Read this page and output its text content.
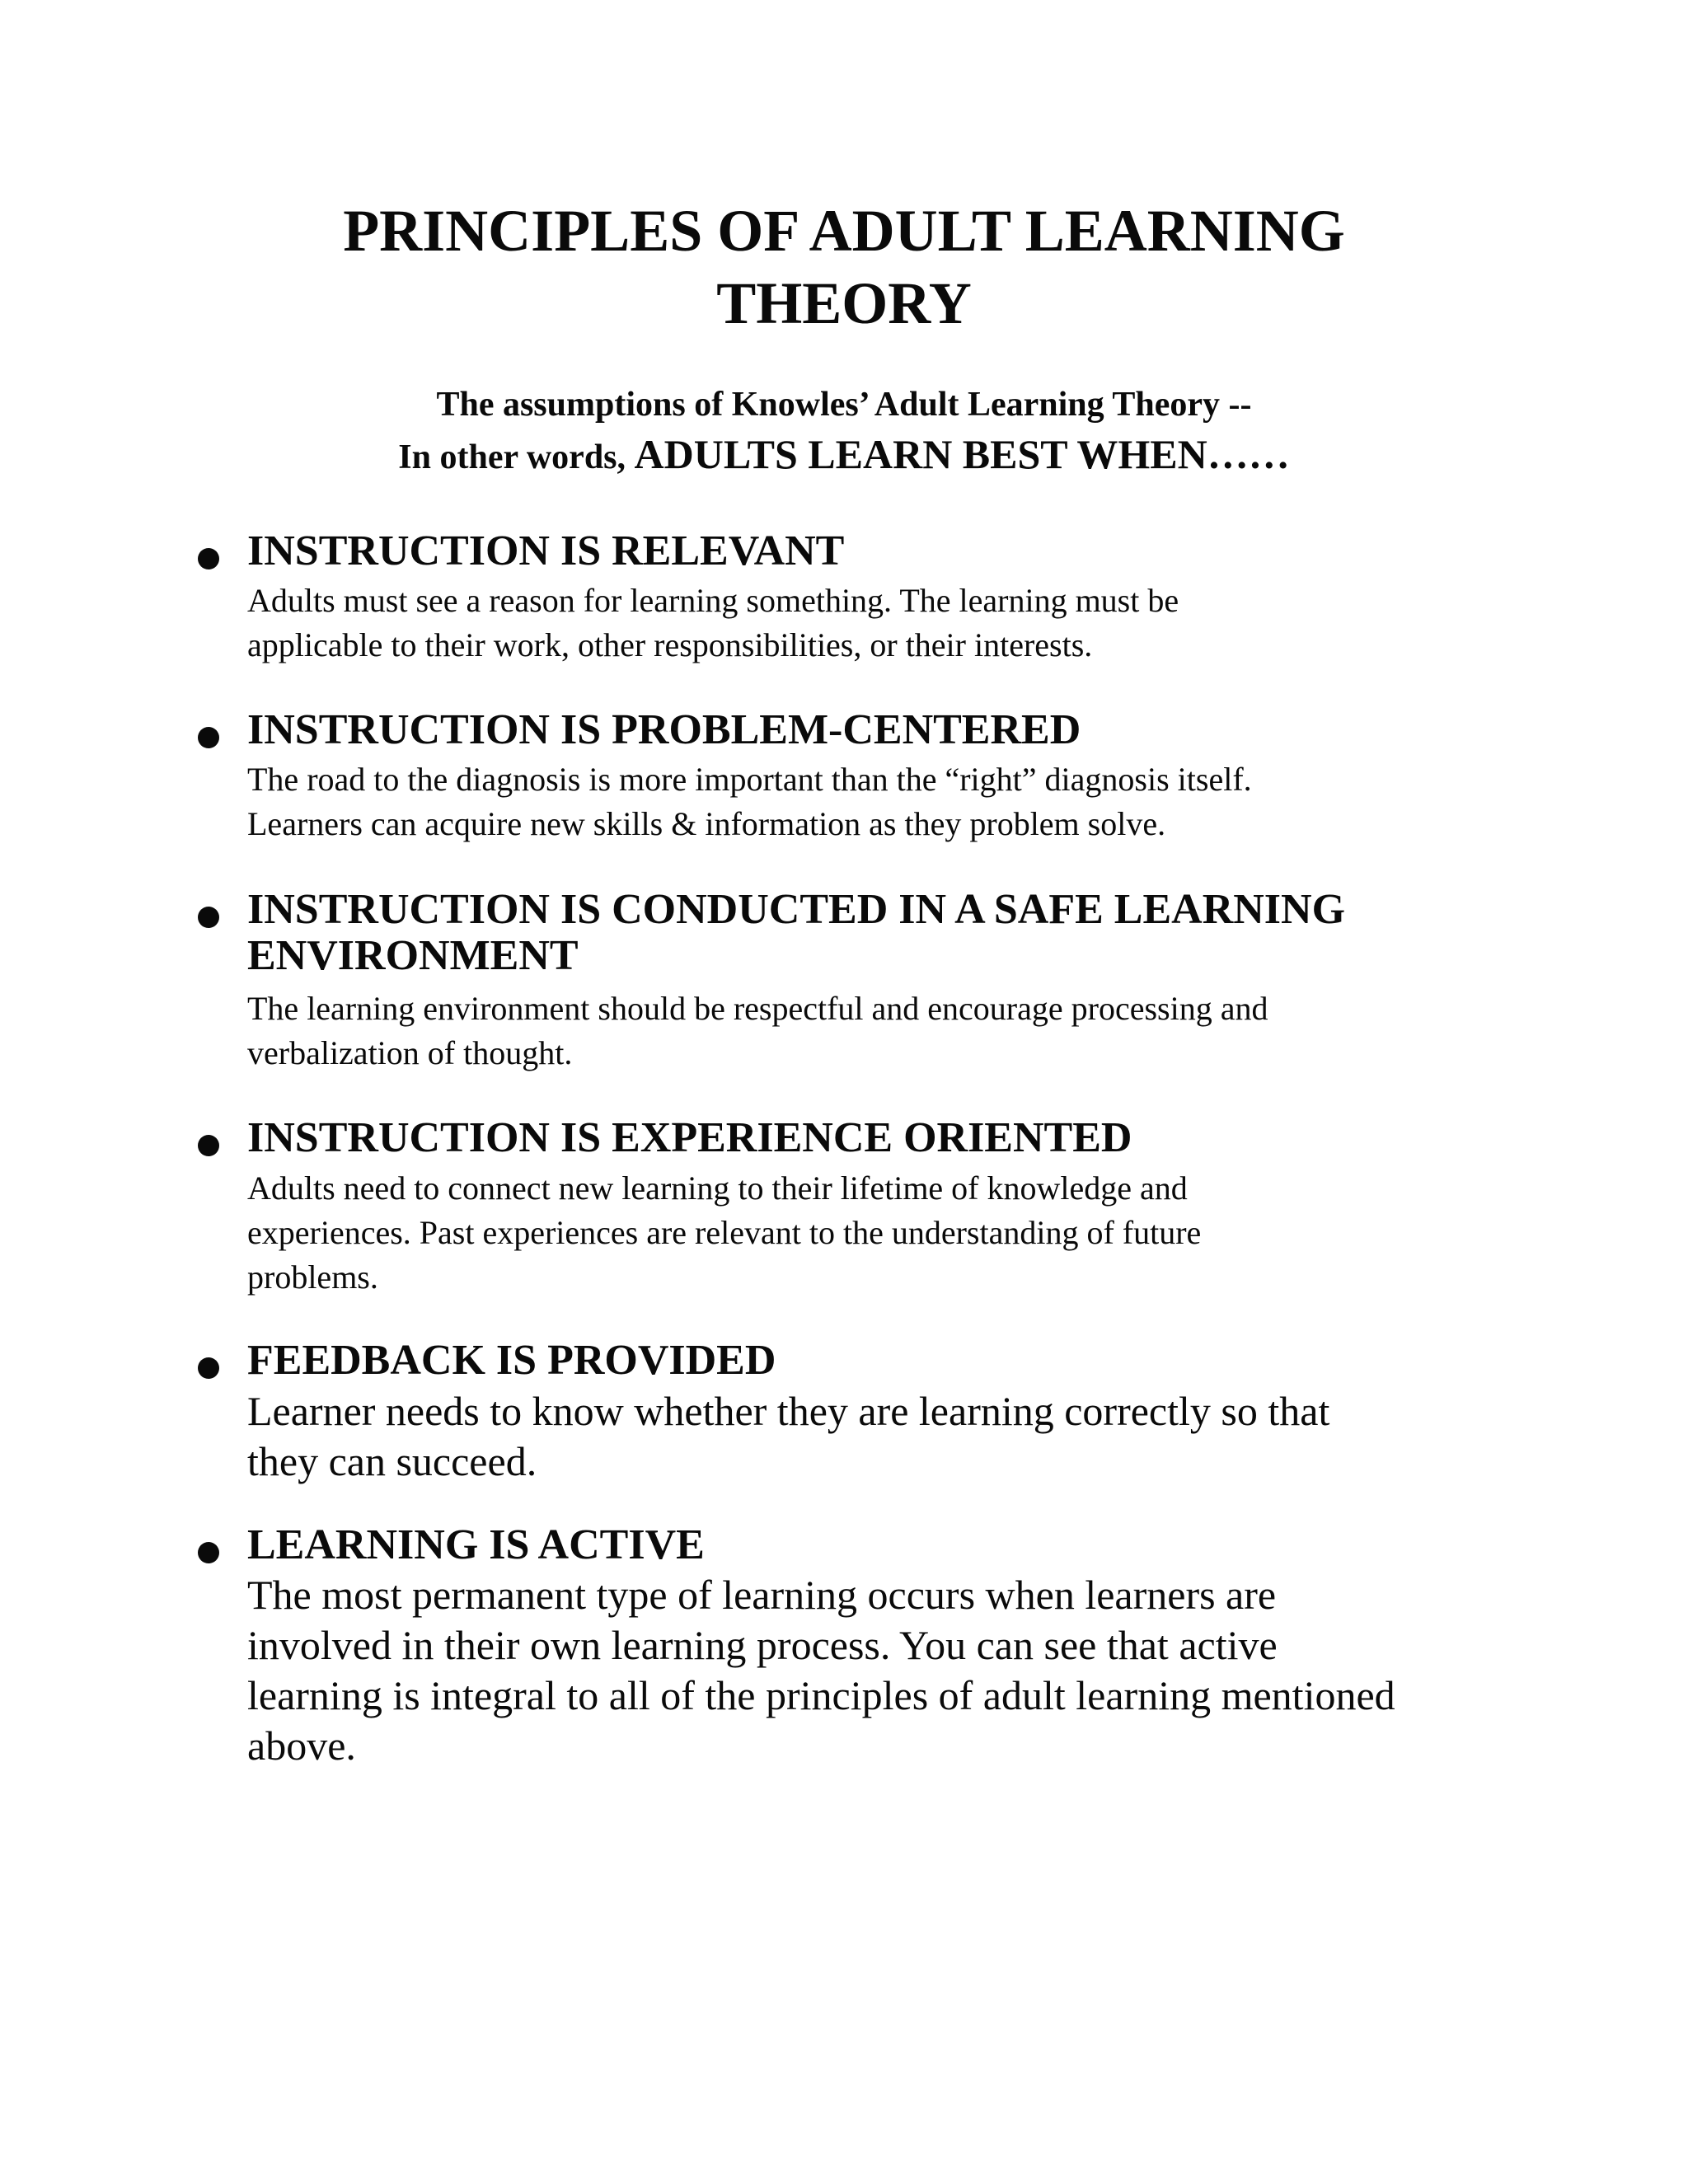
PRINCIPLES OF ADULT LEARNING
THEORY
The assumptions of Knowles’ Adult Learning Theory --
In other words, ADULTS LEARN BEST WHEN……
INSTRUCTION IS RELEVANT
Adults must see a reason for learning something. The learning must be
applicable to their work, other responsibilities, or their interests.
INSTRUCTION IS PROBLEM-CENTERED
The road to the diagnosis is more important than the “right” diagnosis itself.
Learners can acquire new skills & information as they problem solve.
INSTRUCTION IS CONDUCTED IN A SAFE LEARNING
ENVIRONMENT
The learning environment should be respectful and encourage processing and
verbalization of thought.
INSTRUCTION IS EXPERIENCE ORIENTED
Adults need to connect new learning to their lifetime of knowledge and
experiences. Past experiences are relevant to the understanding of future
problems.
FEEDBACK IS PROVIDED
Learner needs to know whether they are learning correctly so that
they can succeed.
LEARNING IS ACTIVE
The most permanent type of learning occurs when learners are
involved in their own learning process. You can see that active
learning is integral to all of the principles of adult learning mentioned
above.
